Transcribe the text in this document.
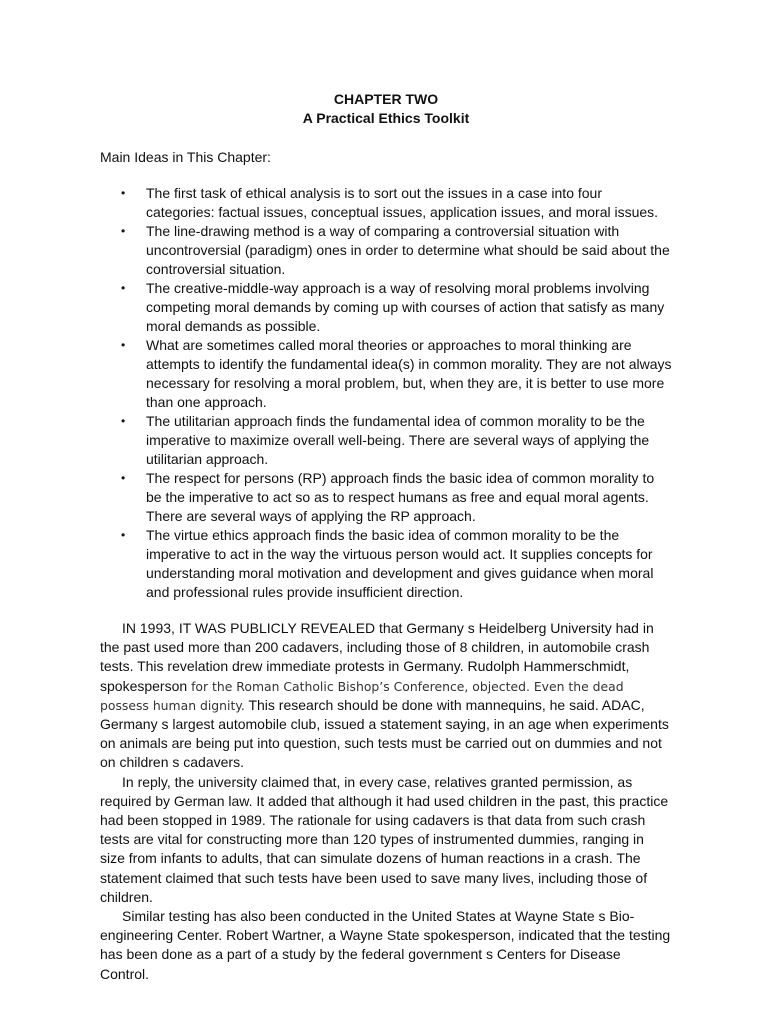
CHAPTER TWO

A Practical Ethics Toolkit

Main Ideas in This Chapter:

• The first task of ethical analysis is to sort out the issues in a case into four categories: factual issues, conceptual issues, application issues, and moral issues.
• The line-drawing method is a way of comparing a controversial situation with uncontroversial (paradigm) ones in order to determine what should be said about the controversial situation.
• The creative-middle-way approach is a way of resolving moral problems involving competing moral demands by coming up with courses of action that satisfy as many moral demands as possible.
• What are sometimes called moral theories or approaches to moral thinking are attempts to identify the fundamental idea(s) in common morality. They are not always necessary for resolving a moral problem, but, when they are, it is better to use more than one approach.
• The utilitarian approach finds the fundamental idea of common morality to be the imperative to maximize overall well-being. There are several ways of applying the utilitarian approach.
• The respect for persons (RP) approach finds the basic idea of common morality to be the imperative to act so as to respect humans as free and equal moral agents. There are several ways of applying the RP approach.
• The virtue ethics approach finds the basic idea of common morality to be the imperative to act in the way the virtuous person would act. It supplies concepts for understanding moral motivation and development and gives guidance when moral and professional rules provide insufficient direction.

IN 1993, IT WAS PUBLICLY REVEALED that Germany s Heidelberg University had in the past used more than 200 cadavers, including those of 8 children, in automobile crash tests. This revelation drew immediate protests in Germany. Rudolph Hammerschmidt, spokesperson for the Roman Catholic Bishop’s Conference, objected. Even the dead possess human dignity. This research should be done with mannequins, he said. ADAC, Germany s largest automobile club, issued a statement saying, in an age when experiments on animals are being put into question, such tests must be carried out on dummies and not on children s cadavers.

In reply, the university claimed that, in every case, relatives granted permission, as required by German law. It added that although it had used children in the past, this practice had been stopped in 1989. The rationale for using cadavers is that data from such crash tests are vital for constructing more than 120 types of instrumented dummies, ranging in size from infants to adults, that can simulate dozens of human reactions in a crash. The statement claimed that such tests have been used to save many lives, including those of children.

Similar testing has also been conducted in the United States at Wayne State s Bio-engineering Center. Robert Wartner, a Wayne State spokesperson, indicated that the testing has been done as a part of a study by the federal government s Centers for Disease Control.
